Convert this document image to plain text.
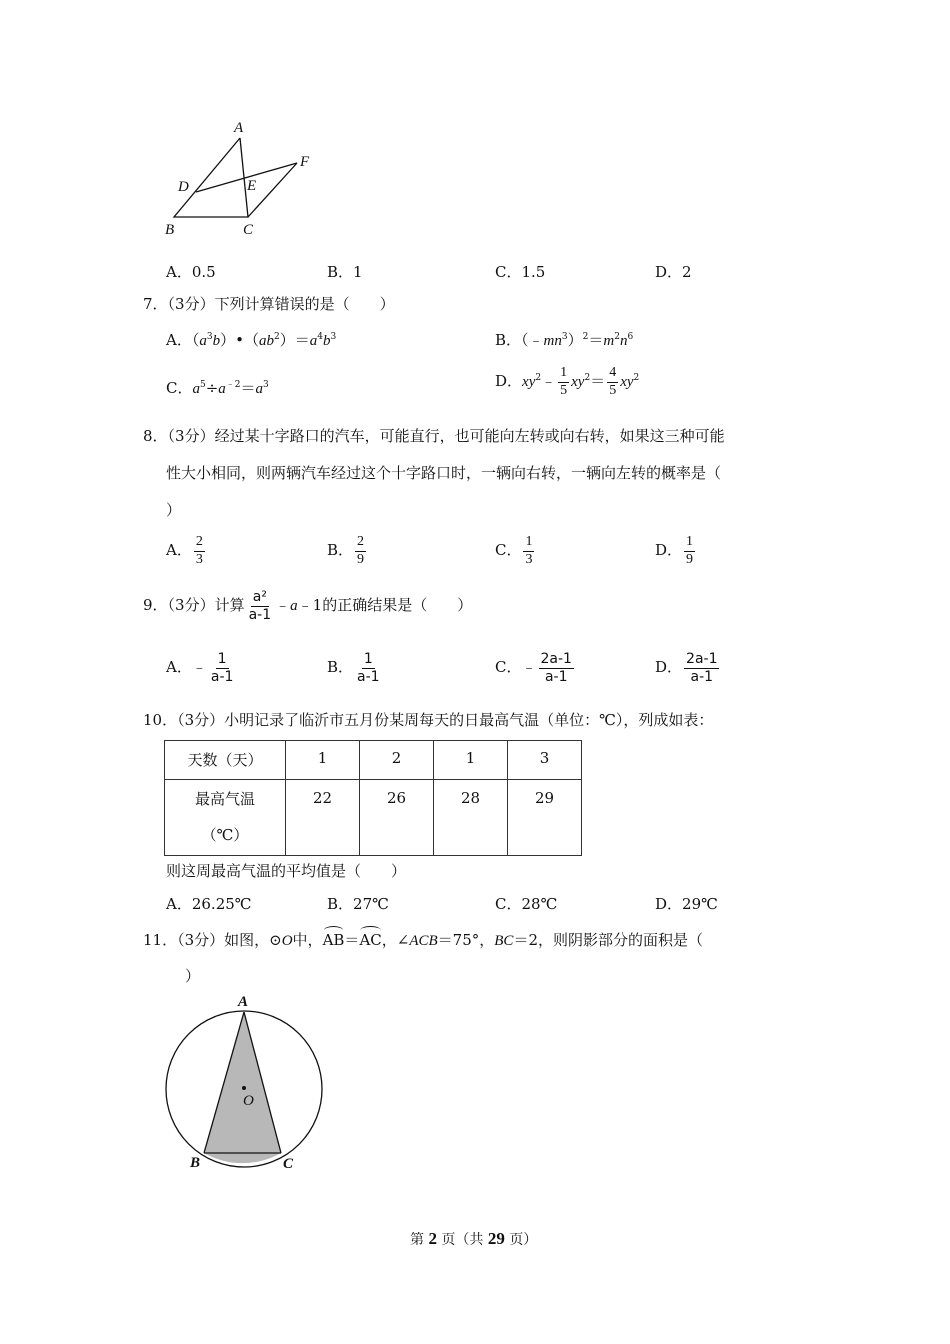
A
D	E
F
B	C
A．0.5	B．1	C．1.5	D．2
7．（3分）下列计算错误的是（　　）
A．$(a^3b)•(ab^2)=a^4b^3$	B．$(﹣mn^3)^2=m^2n^6$
C．$a^5\div a^{﹣2}=a^3$	D．$xy^2﹣ \frac{1}{5} xy^2= \frac{4}{5} xy^2$
8．（3分）经过某十字路口的汽车，可能直行，也可能向左转或向右转，如果这三种可能
性大小相同，则两辆汽车经过这个十字路口时，一辆向右转，一辆向左转的概率是（
）
A． $\frac{2}{3}$	B． $\frac{2}{9}$	C． $\frac{1}{3}$	D． $\frac{1}{9}$
9．（3分）计算 $\frac{\text{a²}}{a-1}$ ﹣a﹣1的正确结果是（　　）
A．﹣ $\frac{1}{a-1}$	B． $\frac{1}{a-1}$	C．﹣ $\frac{2a-1}{a-1}$	D． $\frac{2a-1}{a-1}$
10．（3分）小明记录了临沂市五月份某周每天的日最高气温（单位：℃），列成如表：
天数（天）	1	2	1	3

最高气温
（℃）	22	26	28	29
则这周最高气温的平均值是（　　）
A．26.25℃	B．27℃	C．28℃	D．29℃
11．（3分）如图，⊙O中，AB＝AC，∠ACB＝75°，BC＝2，则阴影部分的面积是（
）
A
O
B	C
第 2 页（共 29 页）
